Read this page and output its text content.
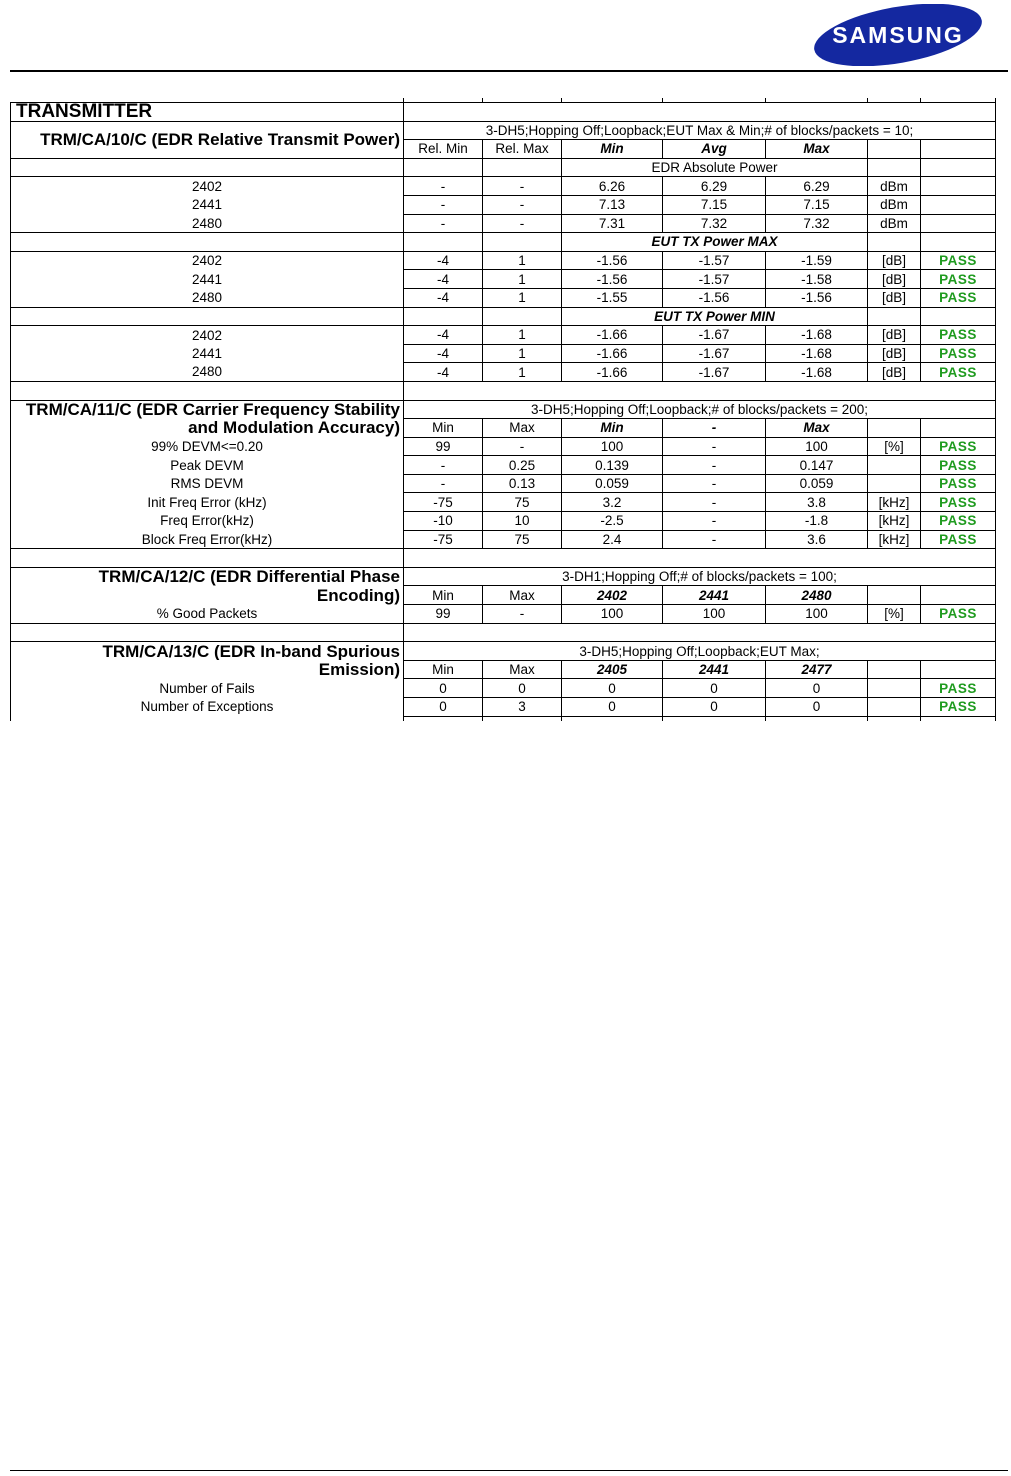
SAMSUNG

TRANSMITTER							
TRM/CA/10/C (EDR Relative Transmit Power)	3-DH5;Hopping Off;Loopback;EUT Max & Min;# of blocks/packets = 10;						
	Rel. Min	Rel. Max	Min	Avg	Max		
			EDR Absolute Power				
2402	-	-	6.26	6.29	6.29	dBm	
2441	-	-	7.13	7.15	7.15	dBm	
2480	-	-	7.31	7.32	7.32	dBm	
			EUT TX Power MAX				
2402	-4	1	-1.56	-1.57	-1.59	[dB]	PASS
2441	-4	1	-1.56	-1.57	-1.58	[dB]	PASS
2480	-4	1	-1.55	-1.56	-1.56	[dB]	PASS
			EUT TX Power MIN				
2402	-4	1	-1.66	-1.67	-1.68	[dB]	PASS
2441	-4	1	-1.66	-1.67	-1.68	[dB]	PASS
2480	-4	1	-1.66	-1.67	-1.68	[dB]	PASS

TRM/CA/11/C (EDR Carrier Frequency Stability	3-DH5;Hopping Off;Loopback;# of blocks/packets = 200;						
and Modulation Accuracy)	Min	Max	Min	-	Max		
99% DEVM<=0.20	99	-	100	-	100	[%]	PASS
Peak DEVM	-	0.25	0.139	-	0.147		PASS
RMS DEVM	-	0.13	0.059	-	0.059		PASS
Init Freq Error (kHz)	-75	75	3.2	-	3.8	[kHz]	PASS
Freq Error(kHz)	-10	10	-2.5	-	-1.8	[kHz]	PASS
Block Freq Error(kHz)	-75	75	2.4	-	3.6	[kHz]	PASS

TRM/CA/12/C (EDR Differential Phase	3-DH1;Hopping Off;# of blocks/packets = 100;						
Encoding)	Min	Max	2402	2441	2480		
% Good Packets	99	-	100	100	100	[%]	PASS

TRM/CA/13/C (EDR In-band Spurious	3-DH5;Hopping Off;Loopback;EUT Max;						
Emission)	Min	Max	2405	2441	2477		
Number of Fails	0	0	0	0	0		PASS
Number of Exceptions	0	3	0	0	0		PASS
